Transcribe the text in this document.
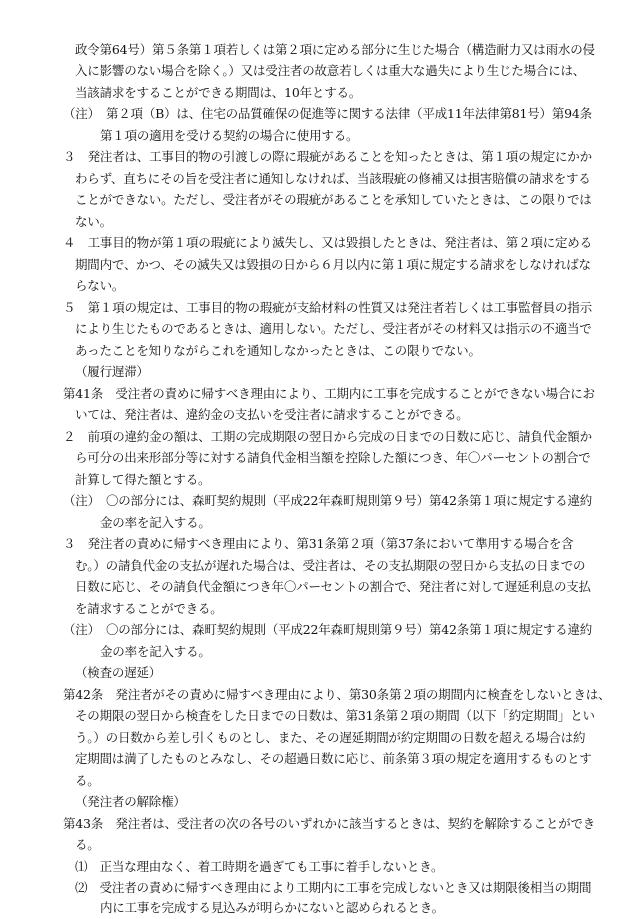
政令第64号）第５条第１項若しくは第２項に定める部分に生じた場合（構造耐力又は雨水の侵
入に影響のない場合を除く。）又は受注者の故意若しくは重大な過失により生じた場合には、
当該請求をすることができる期間は、10年とする。
（注）　第２項（B）は、住宅の品質確保の促進等に関する法律（平成11年法律第81号）第94条
第１項の適用を受ける契約の場合に使用する。
３　発注者は、工事目的物の引渡しの際に瑕疵があることを知ったときは、第１項の規定にかか
わらず、直ちにその旨を受注者に通知しなければ、当該瑕疵の修補又は損害賠償の請求をする
ことができない。ただし、受注者がその瑕疵があることを承知していたときは、この限りでは
ない。
４　工事目的物が第１項の瑕疵により滅失し、又は毀損したときは、発注者は、第２項に定める
期間内で、かつ、その滅失又は毀損の日から６月以内に第１項に規定する請求をしなければな
らない。
５　第１項の規定は、工事目的物の瑕疵が支給材料の性質又は発注者若しくは工事監督員の指示
により生じたものであるときは、適用しない。ただし、受注者がその材料又は指示の不適当で
あったことを知りながらこれを通知しなかったときは、この限りでない。
（履行遅滞）
第41条　受注者の責めに帰すべき理由により、工期内に工事を完成することができない場合にお
いては、発注者は、違約金の支払いを受注者に請求することができる。
２　前項の違約金の額は、工期の完成期限の翌日から完成の日までの日数に応じ、請負代金額か
ら可分の出来形部分等に対する請負代金相当額を控除した額につき、年〇パーセントの割合で
計算して得た額とする。
（注）　〇の部分には、森町契約規則（平成22年森町規則第９号）第42条第１項に規定する違約
金の率を記入する。
３　発注者の責めに帰すべき理由により、第31条第２項（第37条において準用する場合を含
む。）の請負代金の支払が遅れた場合は、受注者は、その支払期限の翌日から支払の日までの
日数に応じ、その請負代金額につき年〇パーセントの割合で、発注者に対して遅延利息の支払
を請求することができる。
（注）　〇の部分には、森町契約規則（平成22年森町規則第９号）第42条第１項に規定する違約
金の率を記入する。
（検査の遅延）
第42条　発注者がその責めに帰すべき理由により、第30条第２項の期間内に検査をしないときは、
その期限の翌日から検査をした日までの日数は、第31条第２項の期間（以下「約定期間」とい
う。）の日数から差し引くものとし、また、その遅延期間が約定期間の日数を超える場合は約
定期間は満了したものとみなし、その超過日数に応じ、前条第３項の規定を適用するものとす
る。
（発注者の解除権）
第43条　発注者は、受注者の次の各号のいずれかに該当するときは、契約を解除することができ
る。
⑴　正当な理由なく、着工時期を過ぎても工事に着手しないとき。
⑵　受注者の責めに帰すべき理由により工期内に工事を完成しないとき又は期限後相当の期間
内に工事を完成する見込みが明らかにないと認められるとき。
